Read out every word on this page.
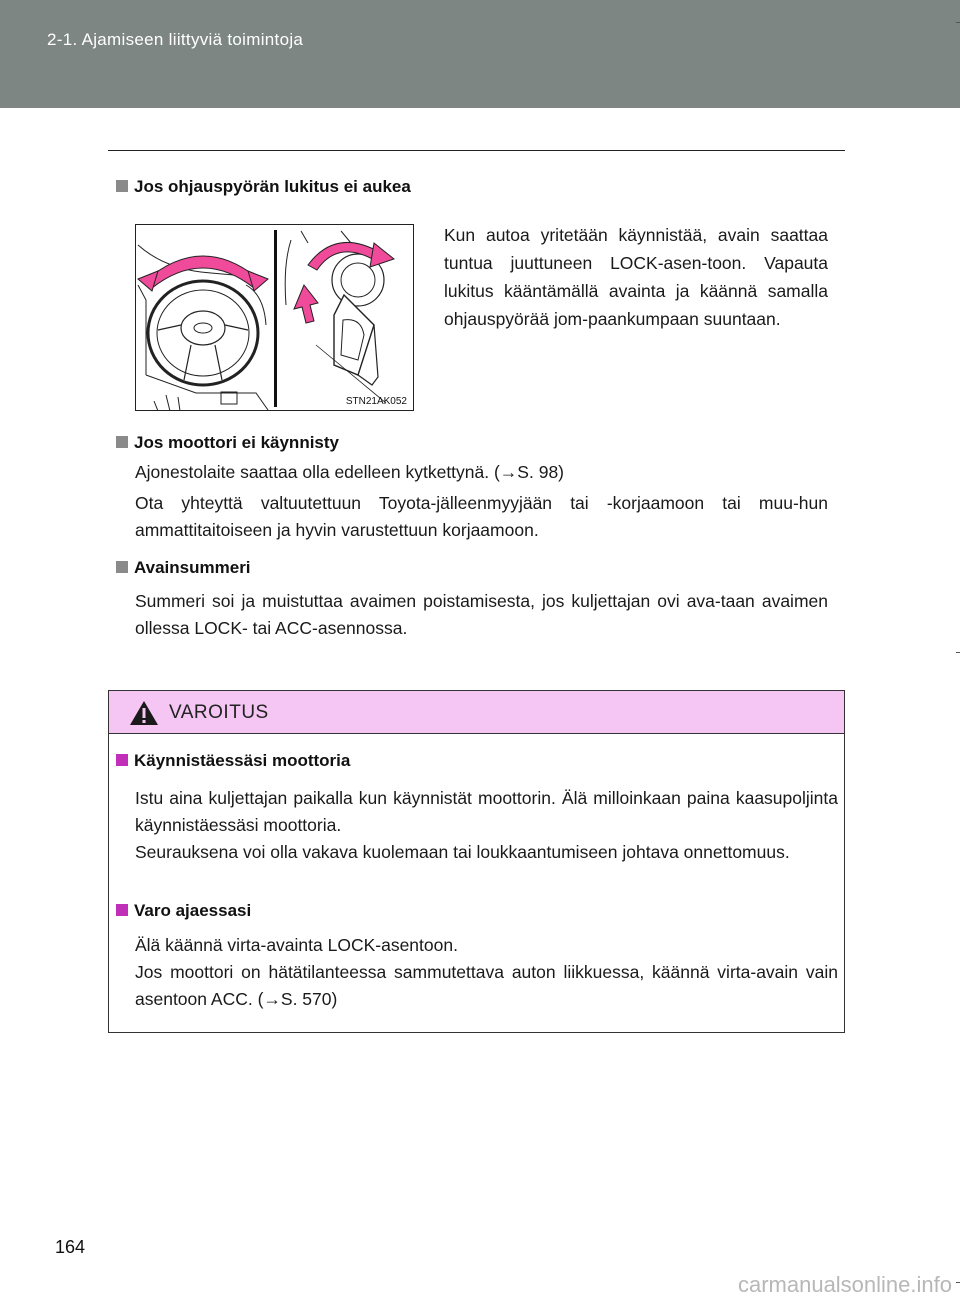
2-1. Ajamiseen liittyviä toimintoja
Jos ohjauspyörän lukitus ei aukea
STN21AK052
Kun autoa yritetään käynnistää, avain saattaa tuntua juuttuneen LOCK-asen-toon. Vapauta lukitus kääntämällä avainta ja käännä samalla ohjauspyörää jom-paankumpaan suuntaan.
Jos moottori ei käynnisty
Ajonestolaite saattaa olla edelleen kytkettynä. (→S. 98)
Ota yhteyttä valtuutettuun Toyota-jälleenmyyjään tai -korjaamoon tai muu-hun ammattitaitoiseen ja hyvin varustettuun korjaamoon.
Avainsummeri
Summeri soi ja muistuttaa avaimen poistamisesta, jos kuljettajan ovi ava-taan avaimen ollessa LOCK- tai ACC-asennossa.
VAROITUS
Käynnistäessäsi moottoria
Istu aina kuljettajan paikalla kun käynnistät moottorin. Älä milloinkaan paina kaasupoljinta käynnistäessäsi moottoria.
Seurauksena voi olla vakava kuolemaan tai loukkaantumiseen johtava onnettomuus.
Varo ajaessasi
Älä käännä virta-avainta LOCK-asentoon.
Jos moottori on hätätilanteessa sammutettava auton liikkuessa, käännä virta-avain vain asentoon ACC. (→S. 570)
164
carmanualsonline.info
